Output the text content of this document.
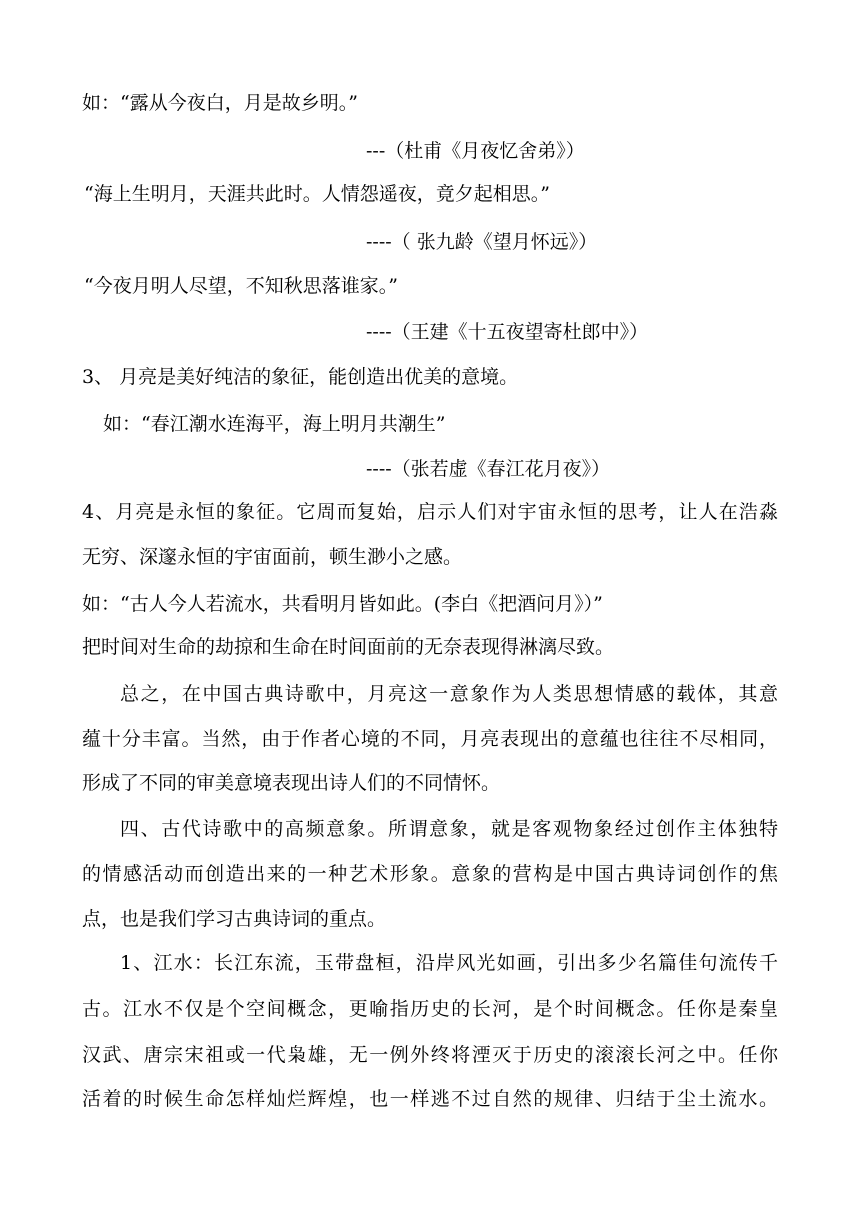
如：“露从今夜白，月是故乡明。”
---（杜甫《月夜忆舍弟》）
“海上生明月，天涯共此时。人情怨遥夜，竟夕起相思。”
----（ 张九龄《望月怀远》）
“今夜月明人尽望，不知秋思落谁家。”
----（王建《十五夜望寄杜郎中》）
3、 月亮是美好纯洁的象征，能创造出优美的意境。
如：“春江潮水连海平，海上明月共潮生”
----（张若虚《春江花月夜》）
4、月亮是永恒的象征。它周而复始，启示人们对宇宙永恒的思考，让人在浩淼
无穷、深邃永恒的宇宙面前，顿生渺小之感。
如：“古人今人若流水，共看明月皆如此。(李白《把酒问月》）”
把时间对生命的劫掠和生命在时间面前的无奈表现得淋漓尽致。
总之，在中国古典诗歌中，月亮这一意象作为人类思想情感的载体，其意
蕴十分丰富。当然，由于作者心境的不同，月亮表现出的意蕴也往往不尽相同，
形成了不同的审美意境表现出诗人们的不同情怀。
四、古代诗歌中的高频意象。所谓意象，就是客观物象经过创作主体独特
的情感活动而创造出来的一种艺术形象。意象的营构是中国古典诗词创作的焦
点，也是我们学习古典诗词的重点。
1、江水：长江东流，玉带盘桓，沿岸风光如画，引出多少名篇佳句流传千
古。江水不仅是个空间概念，更喻指历史的长河，是个时间概念。任你是秦皇
汉武、唐宗宋祖或一代枭雄，无一例外终将湮灭于历史的滚滚长河之中。任你
活着的时候生命怎样灿烂辉煌，也一样逃不过自然的规律、归结于尘土流水。
